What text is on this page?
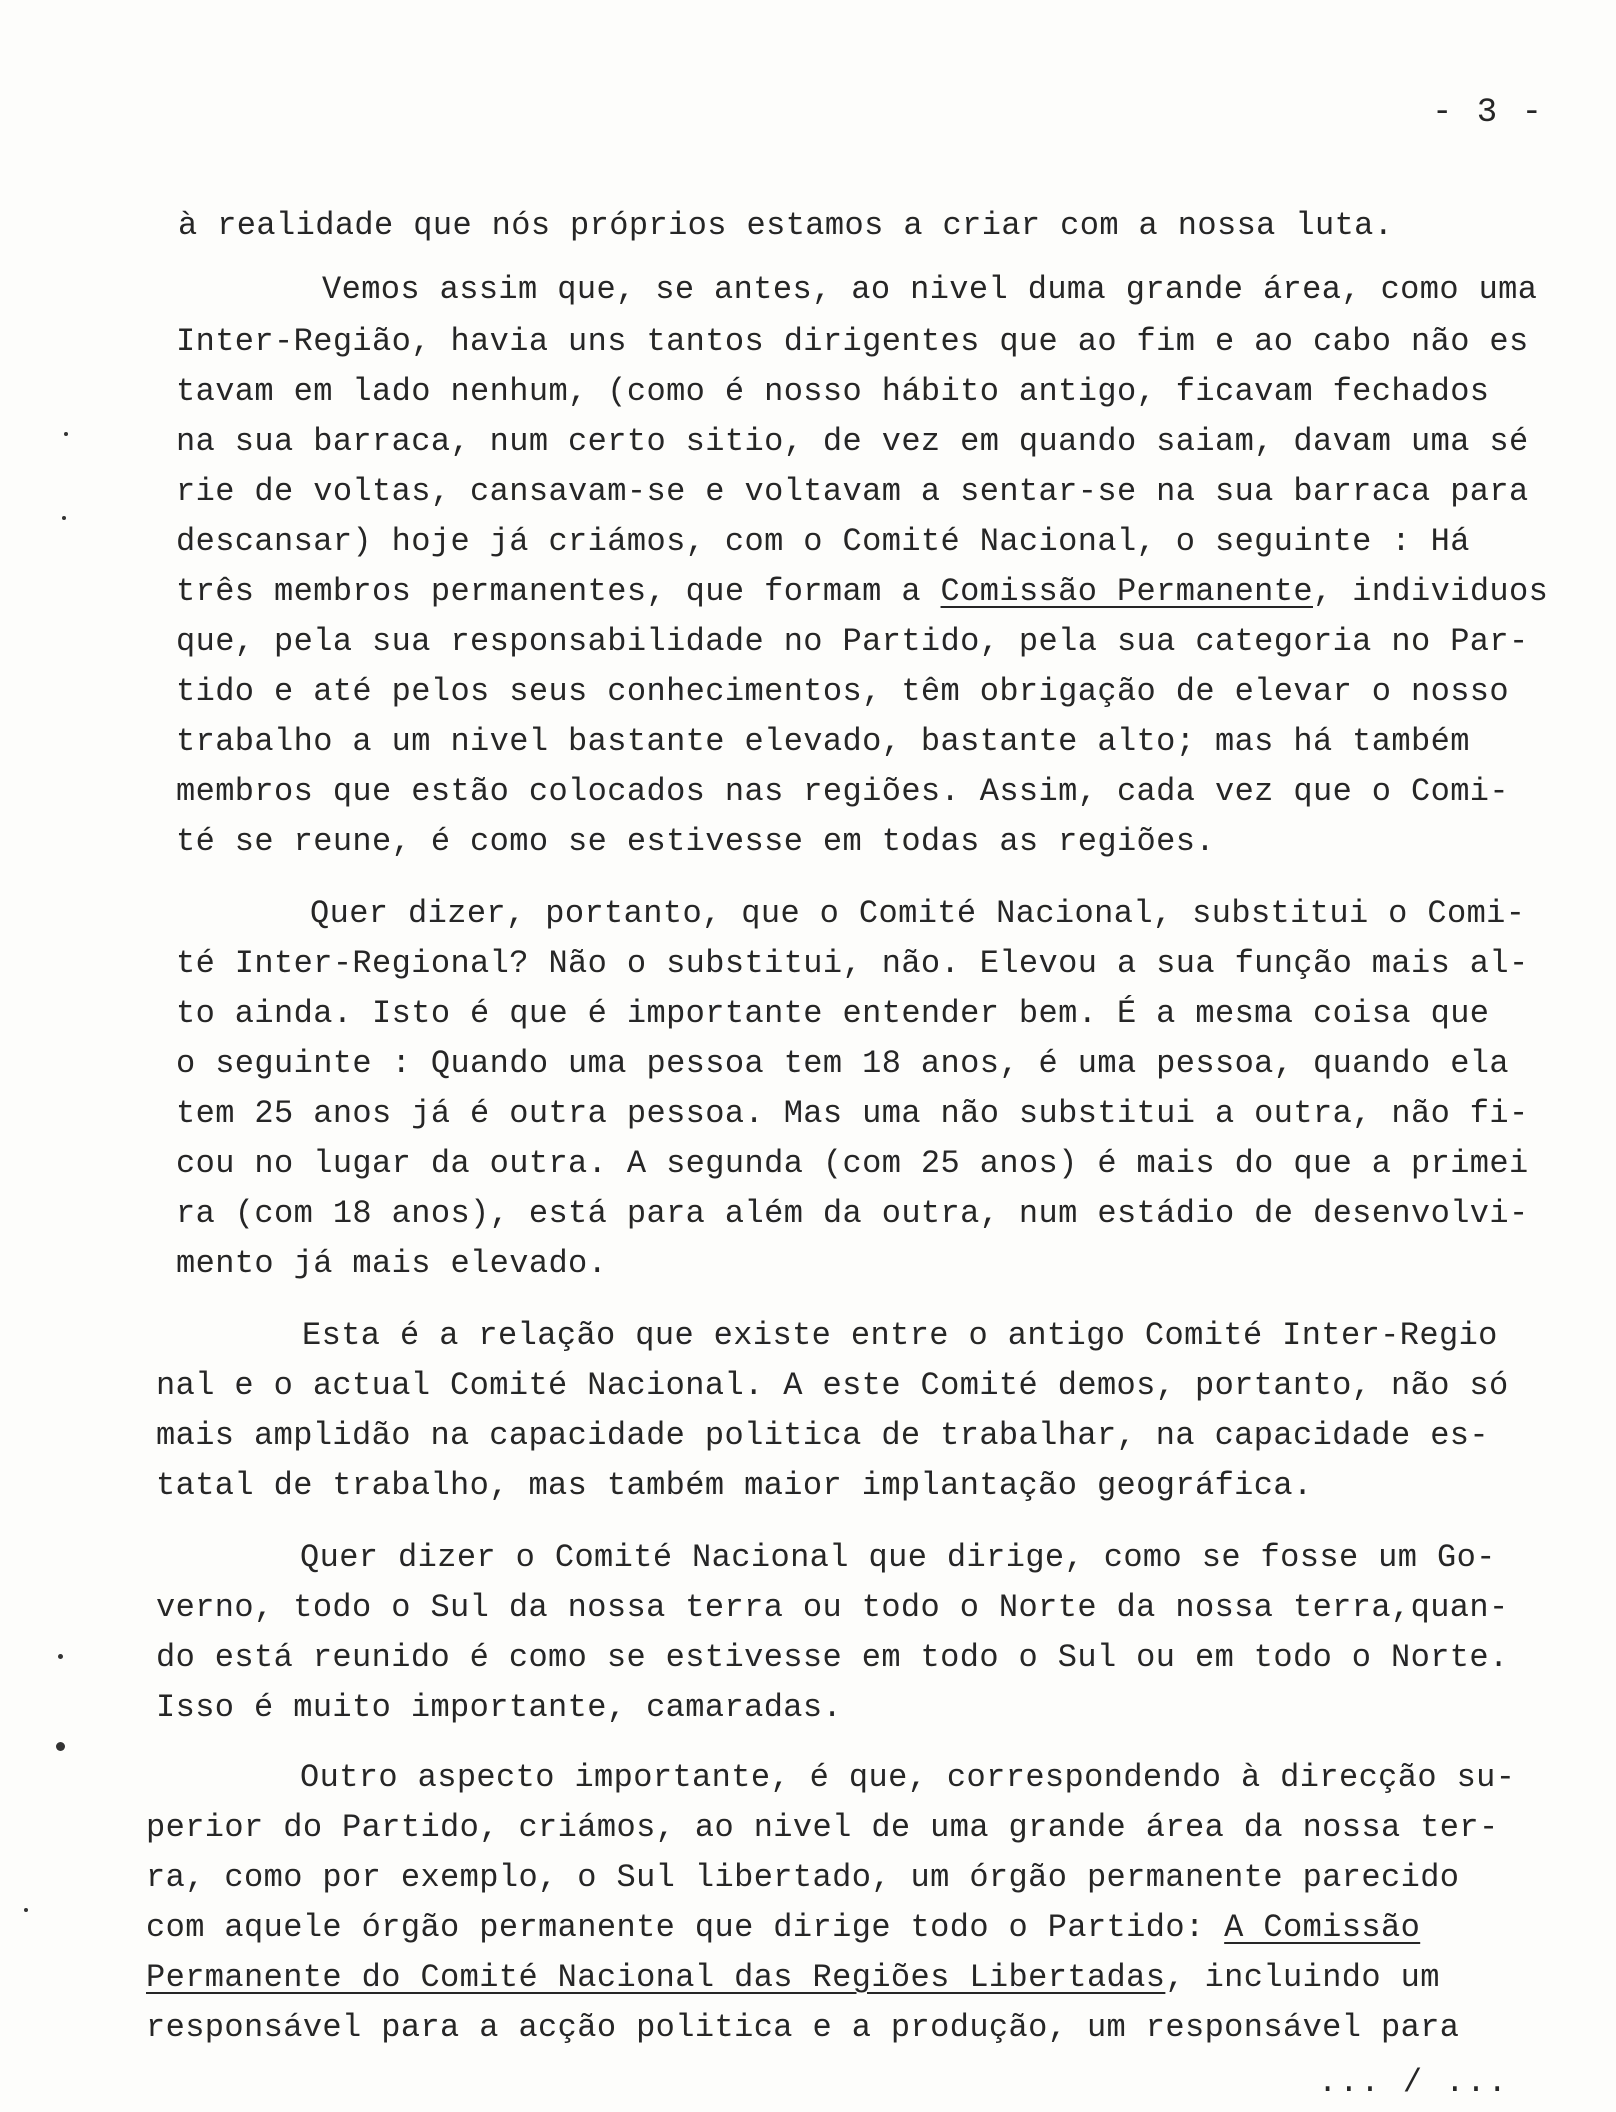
- 3 -
à realidade que nós próprios estamos a criar com a nossa luta.
Vemos assim que, se antes, ao nivel duma grande área, como uma
Inter-Região, havia uns tantos dirigentes que ao fim e ao cabo não es
tavam em lado nenhum, (como é nosso hábito antigo, ficavam fechados
na sua barraca, num certo sitio, de vez em quando saiam, davam uma sé
rie de voltas, cansavam-se e voltavam a sentar-se na sua barraca para
descansar) hoje já criámos, com o Comité Nacional, o seguinte : Há
três membros permanentes, que formam a Comissão Permanente, individuos
que, pela sua responsabilidade no Partido, pela sua categoria no Par-
tido e até pelos seus conhecimentos, têm obrigação de elevar o nosso
trabalho a um nivel bastante elevado, bastante alto; mas há também
membros que estão colocados nas regiões. Assim, cada vez que o Comi-
té se reune, é como se estivesse em todas as regiões.
Quer dizer, portanto, que o Comité Nacional, substitui o Comi-
té Inter-Regional? Não o substitui, não. Elevou a sua função mais al-
to ainda. Isto é que é importante entender bem. É a mesma coisa que
o seguinte : Quando uma pessoa tem 18 anos, é uma pessoa, quando ela
tem 25 anos já é outra pessoa. Mas uma não substitui a outra, não fi-
cou no lugar da outra. A segunda (com 25 anos) é mais do que a primei
ra (com 18 anos), está para além da outra, num estádio de desenvolvi-
mento já mais elevado.
Esta é a relação que existe entre o antigo Comité Inter-Regio
nal e o actual Comité Nacional. A este Comité demos, portanto, não só
mais amplidão na capacidade politica de trabalhar, na capacidade es-
tatal de trabalho, mas também maior implantação geográfica.
Quer dizer o Comité Nacional que dirige, como se fosse um Go-
verno, todo o Sul da nossa terra ou todo o Norte da nossa terra,quan-
do está reunido é como se estivesse em todo o Sul ou em todo o Norte.
Isso é muito importante, camaradas.
Outro aspecto importante, é que, correspondendo à direcção su-
perior do Partido, criámos, ao nivel de uma grande área da nossa ter-
ra, como por exemplo, o Sul libertado, um órgão permanente parecido
com aquele órgão permanente que dirige todo o Partido: A Comissão
Permanente do Comité Nacional das Regiões Libertadas, incluindo um
responsável para a acção politica e a produção, um responsável para
... / ...
